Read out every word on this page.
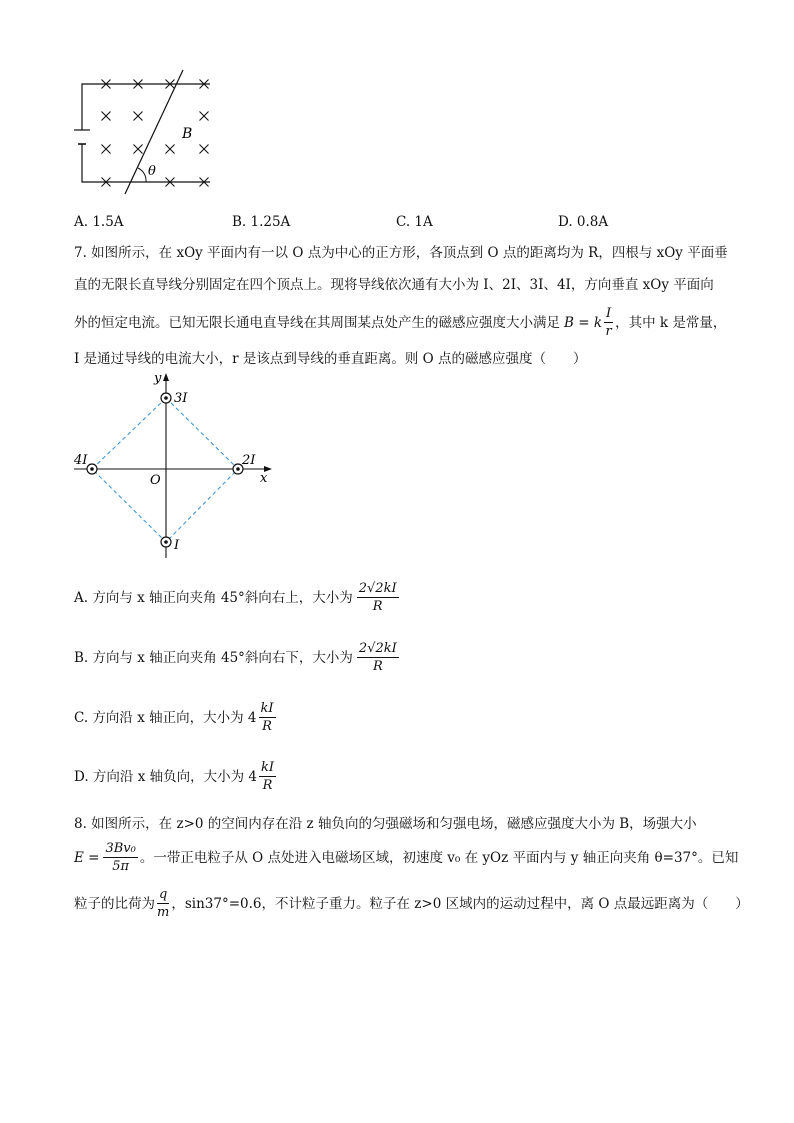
B
θ
A. 1.5A	B. 1.25A	C. 1A	D. 0.8A
7. 如图所示，在 xOy 平面内有一以 O 点为中心的正方形，各顶点到 O 点的距离均为 R，四根与 xOy 平面垂
直的无限长直导线分别固定在四个顶点上。现将导线依次通有大小为 I、2I、3I、4I，方向垂直 xOy 平面向
外的恒定电流。已知无限长通电直导线在其周围某点处产生的磁感应强度大小满足 B = k $\frac{I}{r}$ ，其中 k 是常量，
I 是通过导线的电流大小，r 是该点到导线的垂直距离。则 O 点的磁感应强度（　　）
y
x
O
3I
2I
4I
I
A. 方向与 x 轴正向夹角 45°斜向右上，大小为 $\frac{2√2kI}{R}$
B. 方向与 x 轴正向夹角 45°斜向右下，大小为 $\frac{2√2kI}{R}$
C. 方向沿 x 轴正向，大小为 $4 \frac{kI}{R}$
D. 方向沿 x 轴负向，大小为 $4 \frac{kI}{R}$
8. 如图所示，在 z>0 的空间内存在沿 z 轴负向的匀强磁场和匀强电场，磁感应强度大小为 B，场强大小
$E = \frac{\text{3Bv₀}}{5\pi}$ 。一带正电粒子从 O 点处进入电磁场区域，初速度 v₀ 在 yOz 平面内与 y 轴正向夹角 θ=37°。已知
粒子的比荷为 $\frac{q}{m}$ ，sin37°=0.6，不计粒子重力。粒子在 z>0 区域内的运动过程中，离 O 点最远距离为（　　）
